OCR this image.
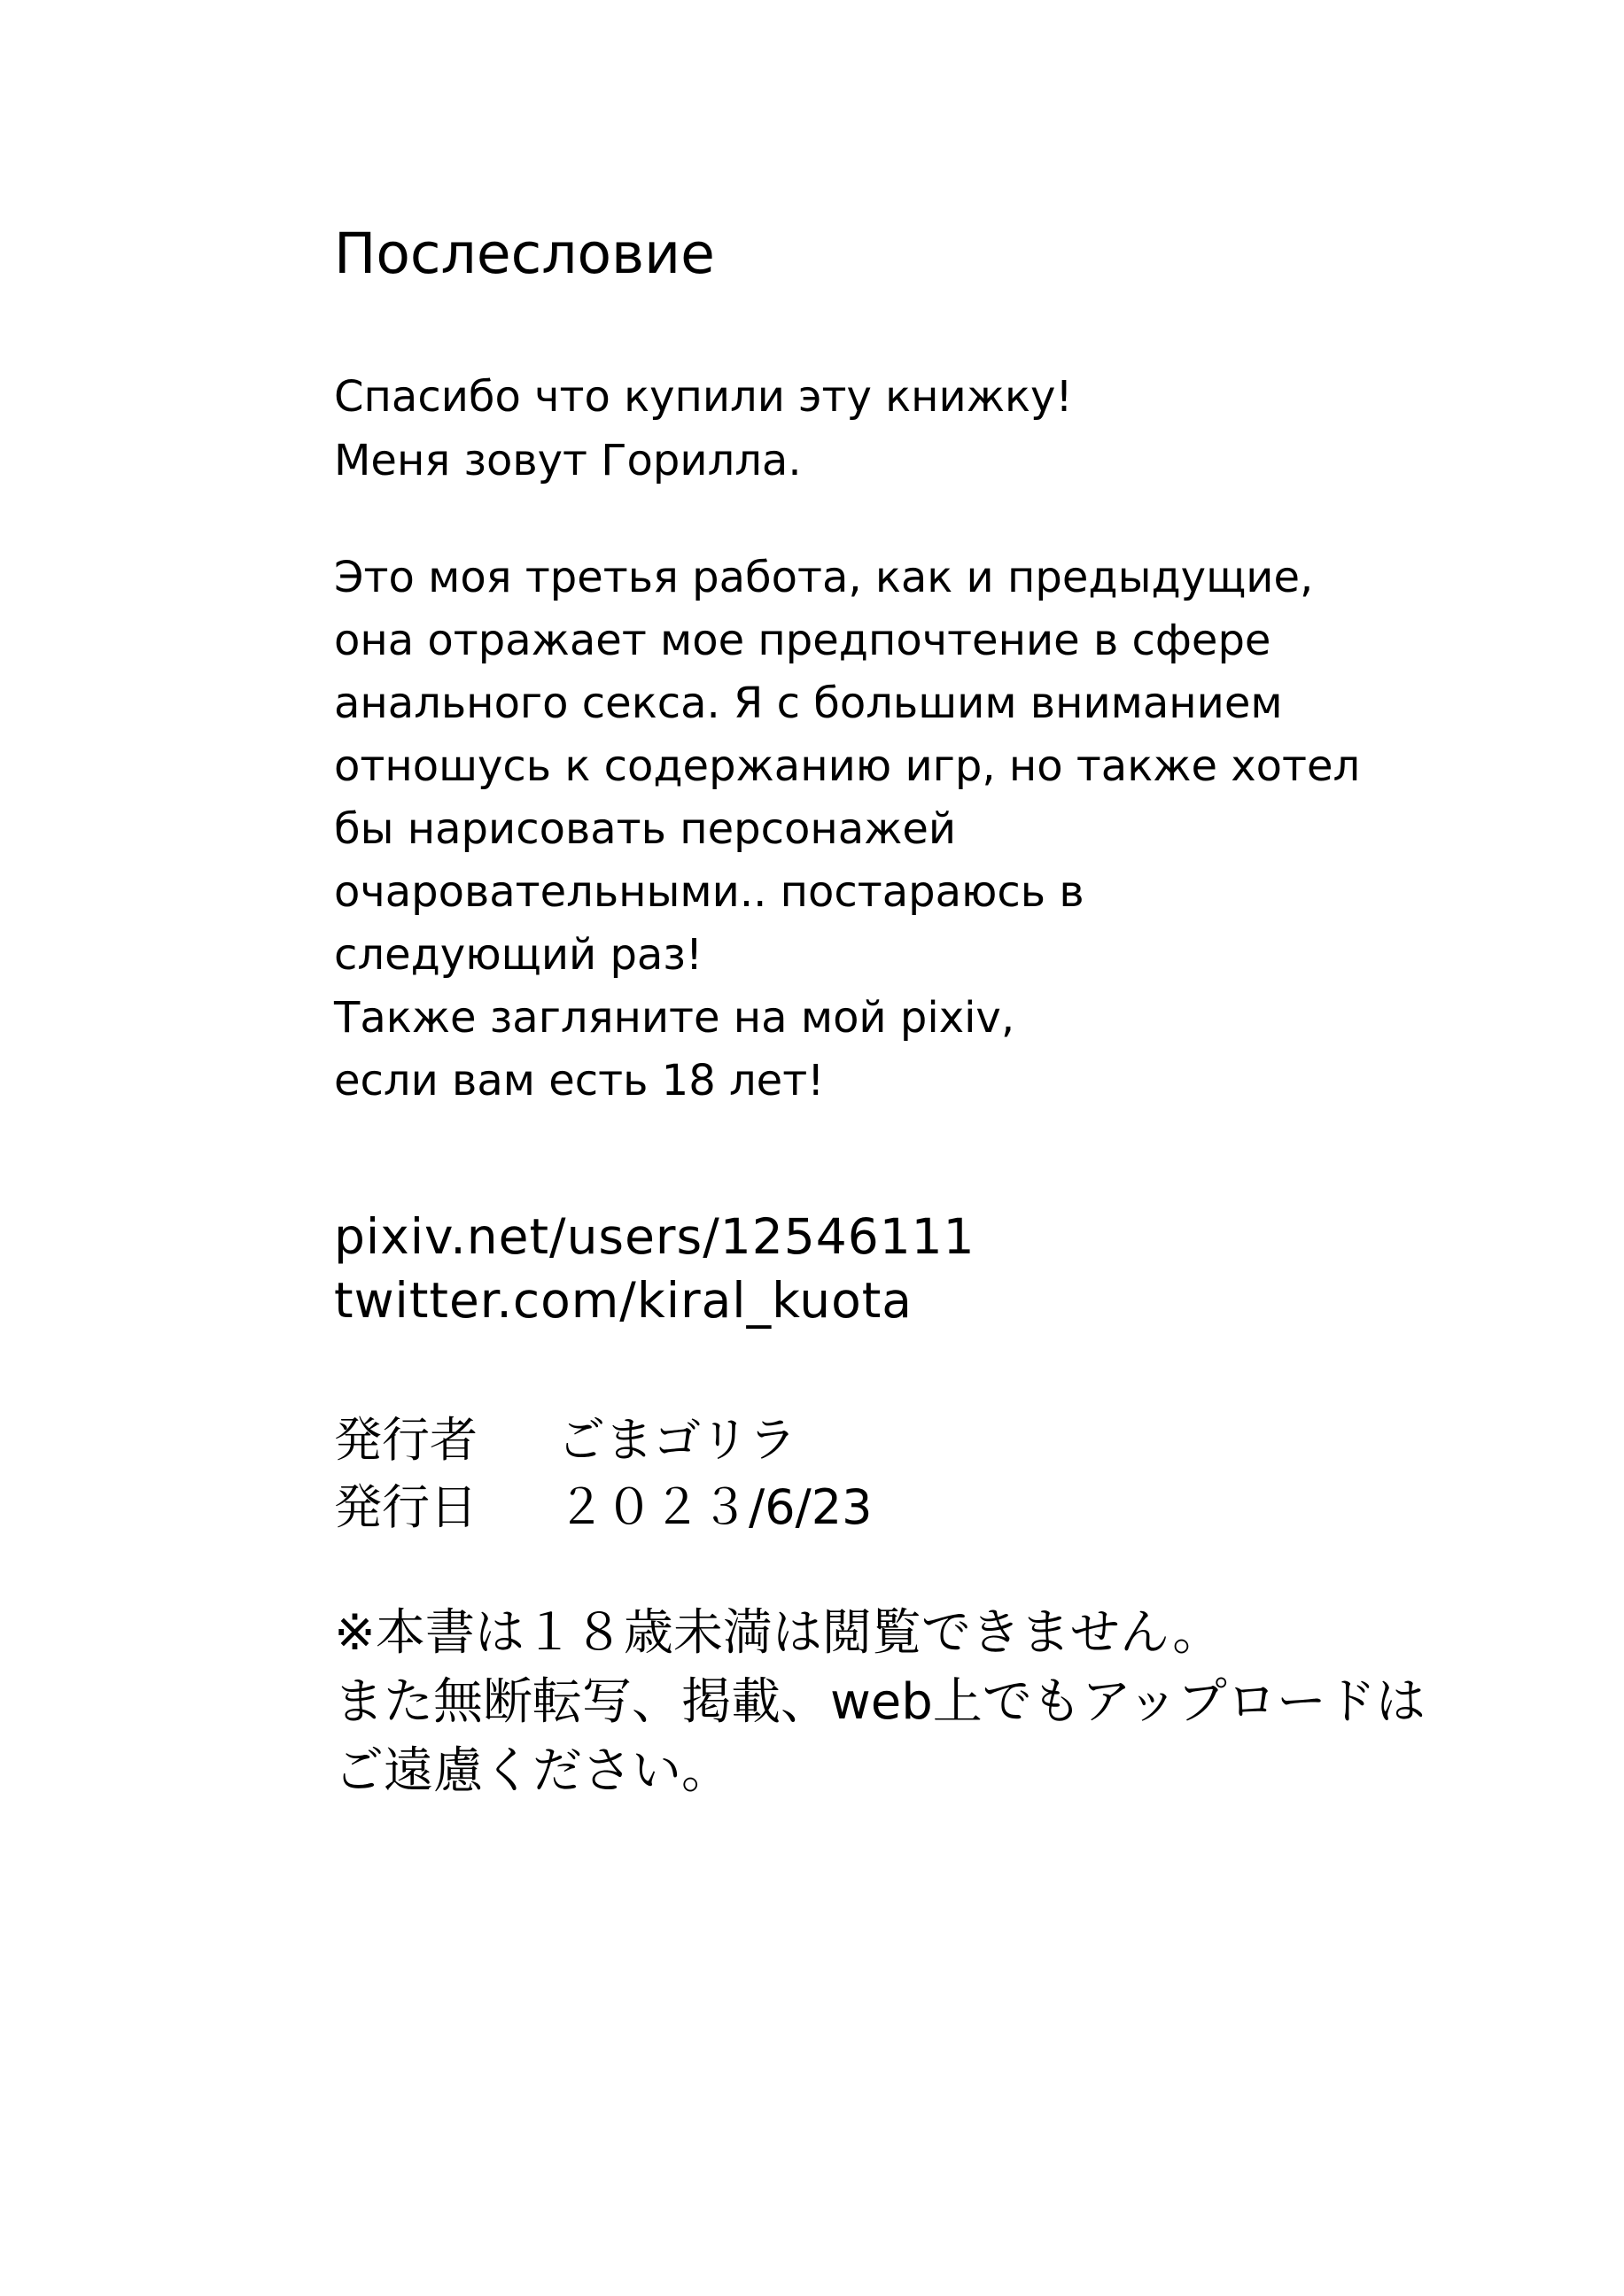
Послесловие
Спасибо что купили эту книжку!
Меня зовут Горилла.
Это моя третья работа, как и предыдущие,
она отражает мое предпочтение в сфере
анального секса. Я с большим вниманием
отношусь к содержанию игр, но также хотел
бы нарисовать персонажей
очаровательными.. постараюсь в
следующий раз!
Также загляните на мой pixiv,
если вам есть 18 лет!
pixiv.net/users/12546111
twitter.com/kiral_kuota
発行者 ごまゴリラ
発行日 ２０２３/6/23
※本書は１８歳未満は閲覧できません。
また無断転写、掲載、web上でもアップロードは
ご遠慮ください。
